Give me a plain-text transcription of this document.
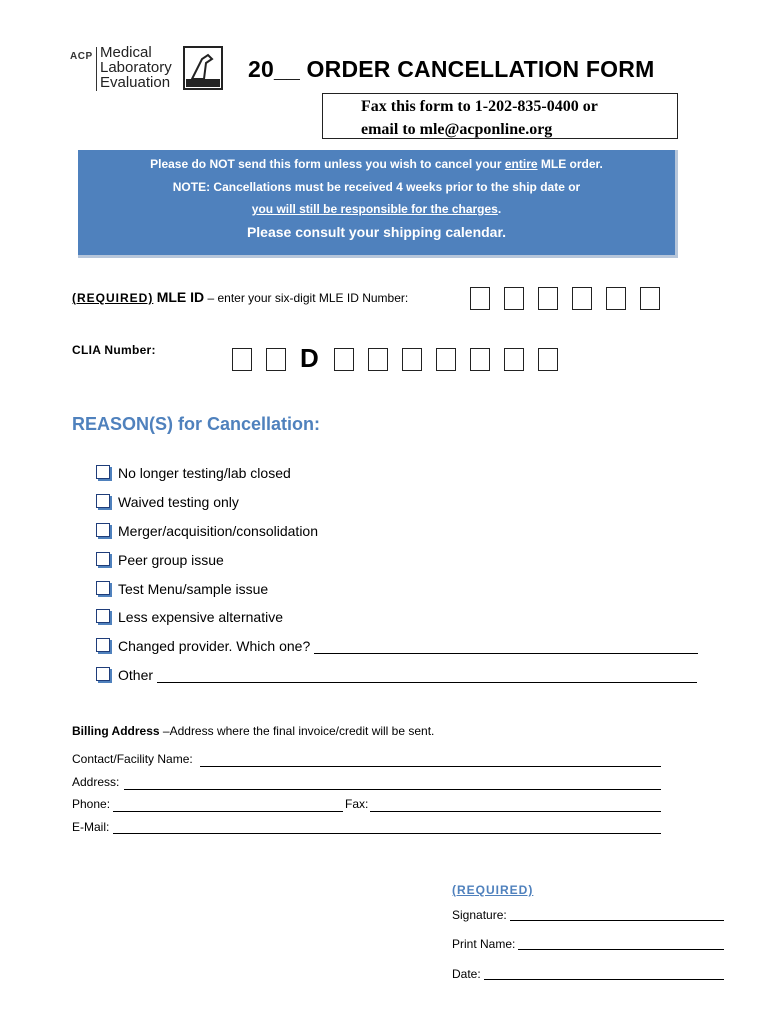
ACP Medical
Laboratory
Evaluation
20__ ORDER CANCELLATION FORM
Fax this form to 1-202-835-0400 or
email to mle@acponline.org
Please do NOT send this form unless you wish to cancel your entire MLE order.
NOTE: Cancellations must be received 4 weeks prior to the ship date or
you will still be responsible for the charges.
Please consult your shipping calendar.
(REQUIRED) MLE ID – enter your six-digit MLE ID Number:
CLIA Number:	D
REASON(S) for Cancellation:
No longer testing/lab closed
Waived testing only
Merger/acquisition/consolidation
Peer group issue
Test Menu/sample issue
Less expensive alternative
Changed provider. Which one?
Other
Billing Address –Address where the final invoice/credit will be sent.
Contact/Facility Name:
Address:
Phone:	Fax:
E-Mail:
(REQUIRED)
Signature:
Print Name:
Date:
